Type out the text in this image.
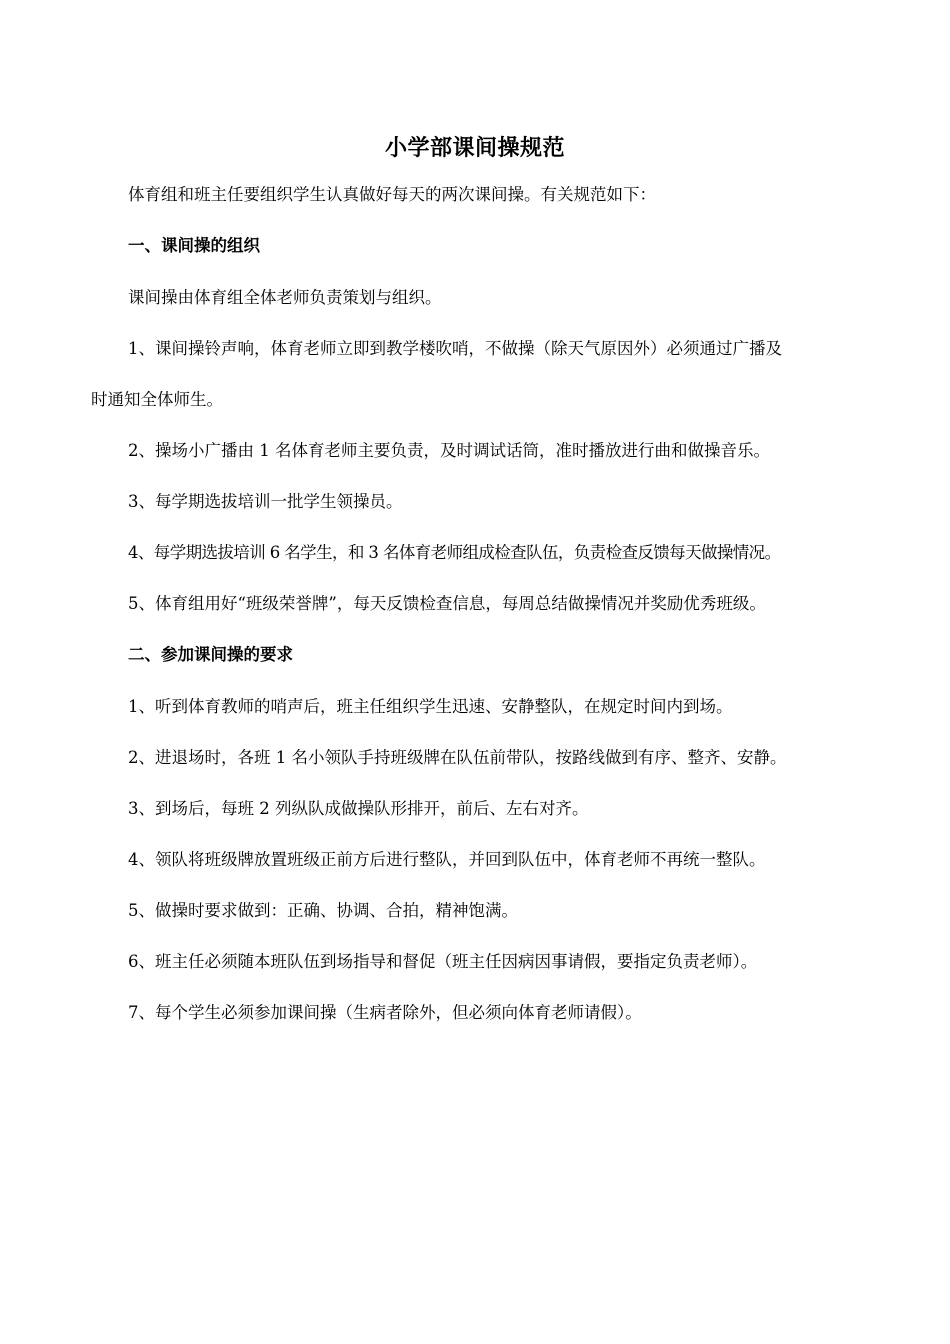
小学部课间操规范
体育组和班主任要组织学生认真做好每天的两次课间操。有关规范如下：
一、课间操的组织
课间操由体育组全体老师负责策划与组织。
1、课间操铃声响，体育老师立即到教学楼吹哨，不做操（除天气原因外）必须通过广播及
时通知全体师生。
2、操场小广播由 1 名体育老师主要负责，及时调试话筒，准时播放进行曲和做操音乐。
3、每学期选拔培训一批学生领操员。
4、每学期选拔培训 6 名学生，和 3 名体育老师组成检查队伍，负责检查反馈每天做操情况。
5、体育组用好“班级荣誉牌”，每天反馈检查信息，每周总结做操情况并奖励优秀班级。
二、参加课间操的要求
1、听到体育教师的哨声后，班主任组织学生迅速、安静整队，在规定时间内到场。
2、进退场时，各班 1 名小领队手持班级牌在队伍前带队，按路线做到有序、整齐、安静。
3、到场后，每班 2 列纵队成做操队形排开，前后、左右对齐。
4、领队将班级牌放置班级正前方后进行整队，并回到队伍中，体育老师不再统一整队。
5、做操时要求做到：正确、协调、合拍，精神饱满。
6、班主任必须随本班队伍到场指导和督促（班主任因病因事请假，要指定负责老师）。
7、每个学生必须参加课间操（生病者除外，但必须向体育老师请假）。
